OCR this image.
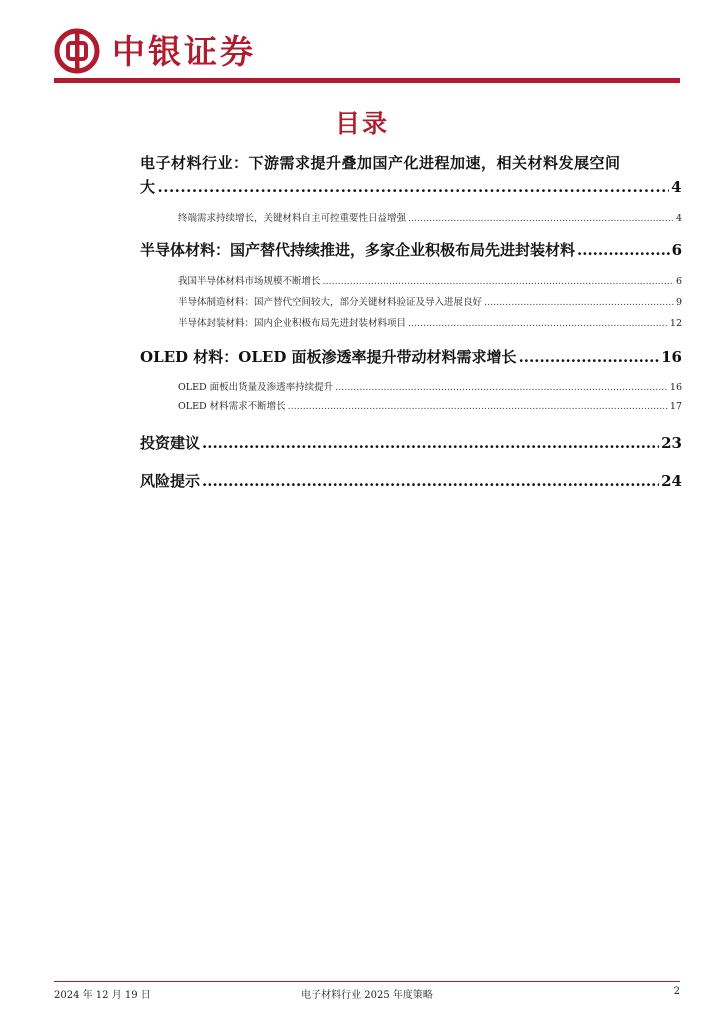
中银证券
目录
电子材料行业：下游需求提升叠加国产化进程加速，相关材料发展空间
大 .....	4
终端需求持续增长，关键材料自主可控重要性日益增强 .....	4
半导体材料：国产替代持续推进，多家企业积极布局先进封装材料 .....	6
我国半导体材料市场规模不断增长 .....	6
半导体制造材料：国产替代空间较大，部分关键材料验证及导入进展良好 .....	9
半导体封装材料：国内企业积极布局先进封装材料项目 .....	12
OLED 材料：OLED 面板渗透率提升带动材料需求增长 .....	16
OLED 面板出货量及渗透率持续提升 .....	16
OLED 材料需求不断增长 .....	17
投资建议 .....	23
风险提示 .....	24
2024 年 12 月 19 日	电子材料行业 2025 年度策略	2
